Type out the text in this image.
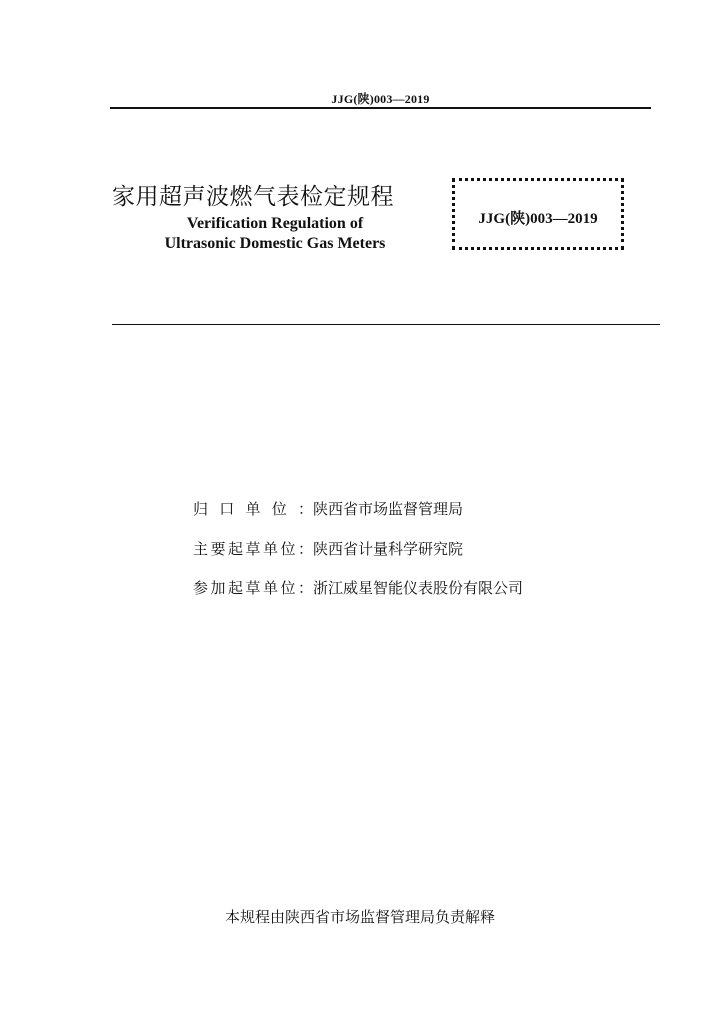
JJG(陕)003—2019
家用超声波燃气表检定规程
Verification Regulation of
Ultrasonic Domestic Gas Meters
JJG(陕)003—2019
归口单位：陕西省市场监督管理局
主要起草单位：陕西省计量科学研究院
参加起草单位：浙江威星智能仪表股份有限公司
本规程由陕西省市场监督管理局负责解释
